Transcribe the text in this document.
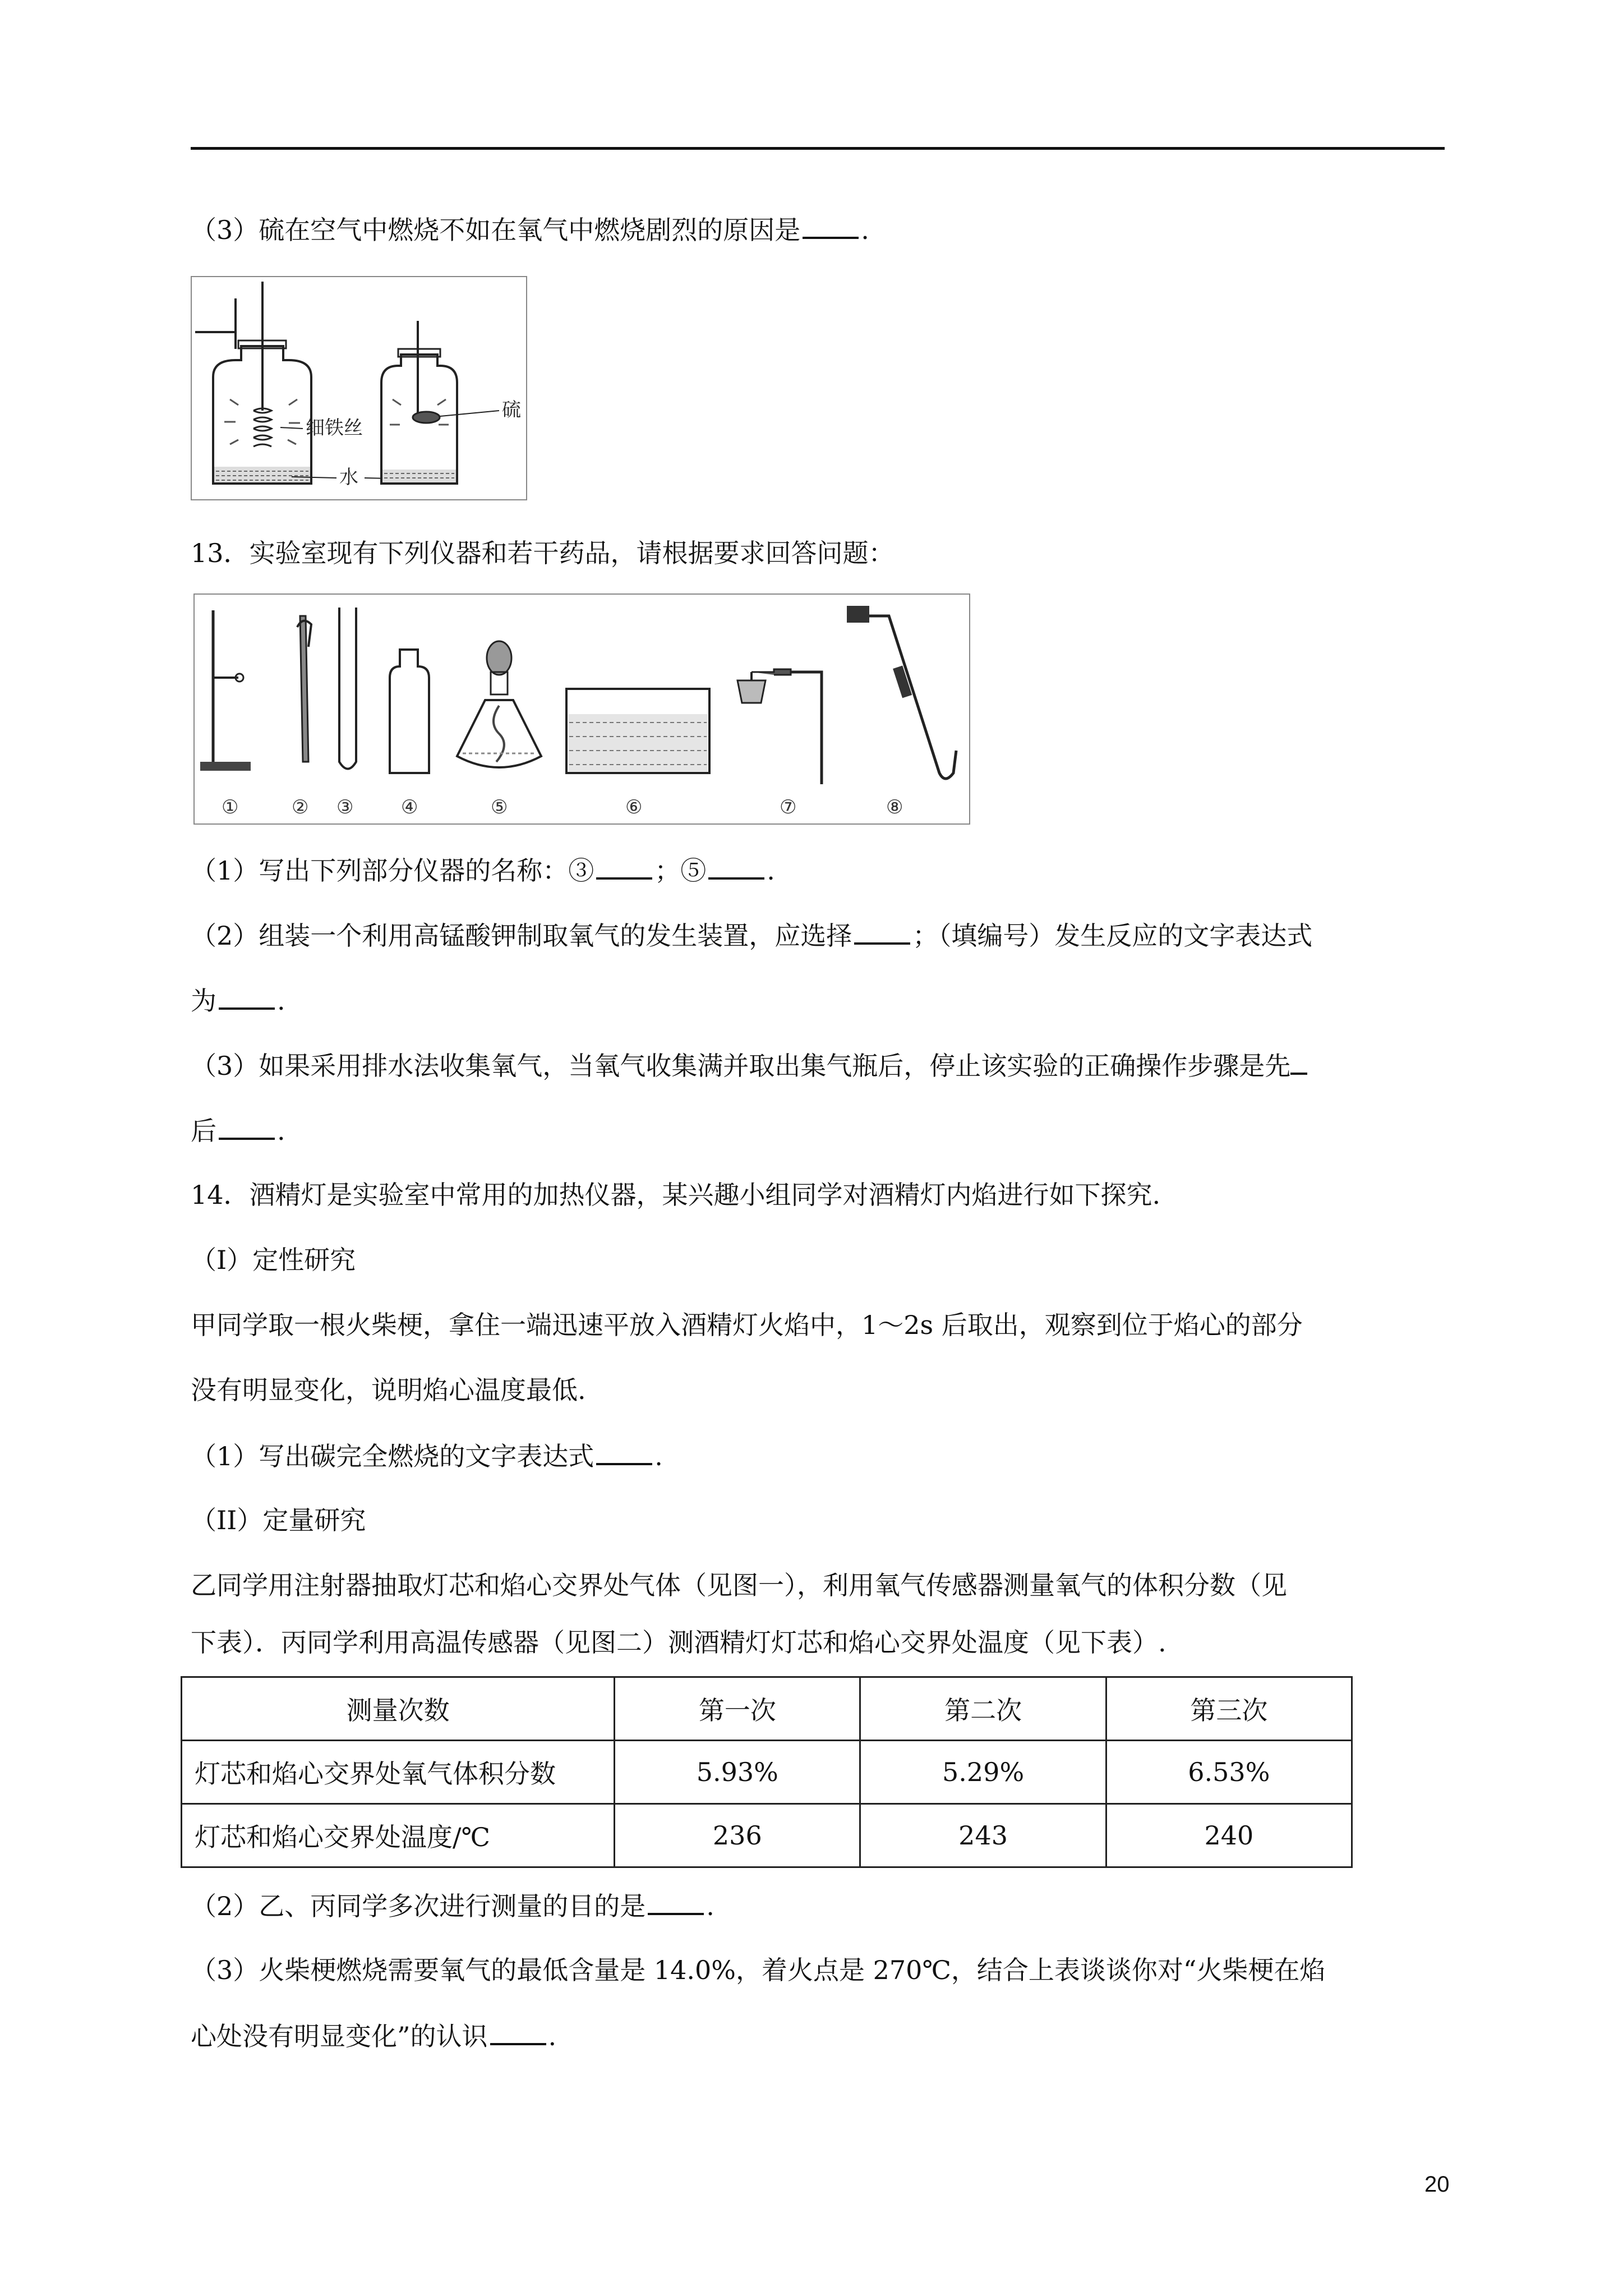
（3）硫在空气中燃烧不如在氧气中燃烧剧烈的原因是 .
细铁丝
水
硫
13．实验室现有下列仪器和若干药品，请根据要求回答问题：
①	② ③ ④	⑤	⑥	⑦	⑧
（1）写出下列部分仪器的名称：③ ；⑤ .
（2）组装一个利用高锰酸钾制取氧气的发生装置，应选择 ；（填编号）发生反应的文字表达式
为 .
（3）如果采用排水法收集氧气，当氧气收集满并取出集气瓶后，停止该实验的正确操作步骤是先
后 .
14．酒精灯是实验室中常用的加热仪器，某兴趣小组同学对酒精灯内焰进行如下探究.
（I）定性研究
甲同学取一根火柴梗，拿住一端迅速平放入酒精灯火焰中，1～2s 后取出，观察到位于焰心的部分
没有明显变化，说明焰心温度最低.
（1）写出碳完全燃烧的文字表达式 .
（II）定量研究
乙同学用注射器抽取灯芯和焰心交界处气体（见图一），利用氧气传感器测量氧气的体积分数（见
下表）．丙同学利用高温传感器（见图二）测酒精灯灯芯和焰心交界处温度（见下表）.
测量次数	第一次	第二次	第三次
灯芯和焰心交界处氧气体积分数	5.93%	5.29%	6.53%
灯芯和焰心交界处温度/℃	236	243	240
（2）乙、丙同学多次进行测量的目的是 .
（3）火柴梗燃烧需要氧气的最低含量是 14.0%，着火点是 270℃，结合上表谈谈你对“火柴梗在焰
心处没有明显变化”的认识 .
20
